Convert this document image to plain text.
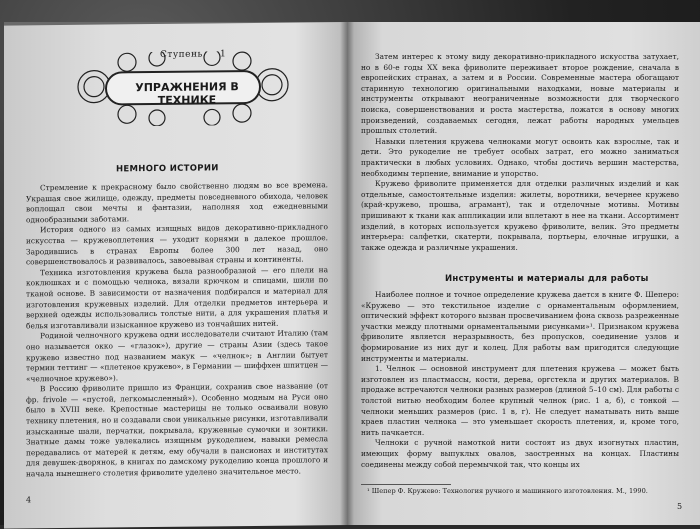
Ступень 1
УПРАЖНЕНИЯ В ТЕХНИКЕ
НЕМНОГО ИСТОРИИ

Стремление к прекрасному было свойственно людям во все времена. Украшая свое жилище, одежду, предметы повседневного обихода, человек воплощал свои мечты и фантазии, наполняя ход ежедневными однообразными заботами.

История одного из самых изящных видов декоративно-прикладного искусства — кружевоплетения — уходит корнями в далекое прошлое. Зародившись в странах Европы более 300 лет назад, оно совершенствовалось и развивалось, завоевывая страны и континенты.

Техника изготовления кружева была разнообразной — его плели на коклюшках и с помощью челнока, вязали крючком и спицами, шили по тканой основе. В зависимости от назначения подбирался и материал для изготовления кружевных изделий. Для отделки предметов интерьера и верхней одежды использовались толстые нити, а для украшения платья и белья изготавливали изысканное кружево из тончайших нитей.

Родиной челночного кружева одни исследователи считают Италию (там оно называется окко — «глазок»), другие — страны Азии (здесь такое кружево известно под названием макук — «челнок»; в Англии бытует термин теттинг — «плетеное кружево», в Германии — шиффхен шпитцен — «челночное кружево»).

В Россию фриволите пришло из Франции, сохранив свое название (от фр. frivole — «пустой, легкомысленный»). Особенно модным на Руси оно было в XVIII веке. Крепостные мастерицы не только осваивали новую технику плетения, но и создавали свои уникальные рисунки, изготавливали изысканные шали, перчатки, покрывала, кружевные сумочки и зонтики. Знатные дамы тоже увлекались изящным рукоделием, навыки ремесла передавались от матерей к детям, ему обучали в пансионах и институтах для девушек-дворянок, в книгах по дамскому рукоделию конца прошлого и начала нынешнего столетия фриволите уделено значительное место.

4

Затем интерес к этому виду декоративно-прикладного искусства затухает, но в 60-е годы XX века фриволите переживает второе рождение, сначала в европейских странах, а затем и в России. Современные мастера обогащают старинную технологию оригинальными находками, новые материалы и инструменты открывают неограниченные возможности для творческого поиска, совершенствования и роста мастерства, ложатся в основу многих произведений, создаваемых сегодня, лежат работы народных умельцев прошлых столетий.

Навыки плетения кружева челноками могут освоить как взрослые, так и дети. Это рукоделие не требует особых затрат, его можно заниматься практически в любых условиях. Однако, чтобы достичь вершин мастерства, необходимы терпение, внимание и упорство.

Кружево фриволите применяется для отделки различных изделий и как отдельные, самостоятельные изделия: жилеты, воротники, вечернее кружево (край-кружево, прошва, аграмант), так и отделочные мотивы. Мотивы пришивают к ткани как аппликации или вплетают в нее на ткани. Ассортимент изделий, в которых используется кружево фриволите, велик. Это предметы интерьера: салфетки, скатерти, покрывала, портьеры, елочные игрушки, а также одежда и различные украшения.

Инструменты и материалы для работы

Наиболее полное и точное определение кружева дается в книге Ф. Шеперо: «Кружево — это текстильное изделие с орнаментальным оформлением, оптический эффект которого вызван просвечиванием фона сквозь разреженные участки между плотными орнаментальными рисунками»¹. Признаком кружева фриволите является неразрывность, без пропусков, соединение узлов и формирование из них дуг и колец. Для работы вам пригодятся следующие инструменты и материалы.

1. Челнок — основной инструмент для плетения кружева — может быть изготовлен из пластмассы, кости, дерева, оргстекла и других материалов. В продаже встречаются челноки разных размеров (длиной 5–10 см). Для работы с толстой нитью необходим более крупный челнок (рис. 1 а, б), с тонкой — челноки меньших размеров (рис. 1 в, г). Не следует наматывать нить выше краев пластин челнока — это уменьшает скорость плетения, и, кроме того, нить пачкается.

Челноки с ручной намоткой нити состоят из двух изогнутых пластин, имеющих форму выпуклых овалов, заостренных на концах. Пластины соединены между собой перемычкой так, что концы их

¹ Шепер Ф. Кружево: Технология ручного и машинного изготовления. М., 1990.
5
